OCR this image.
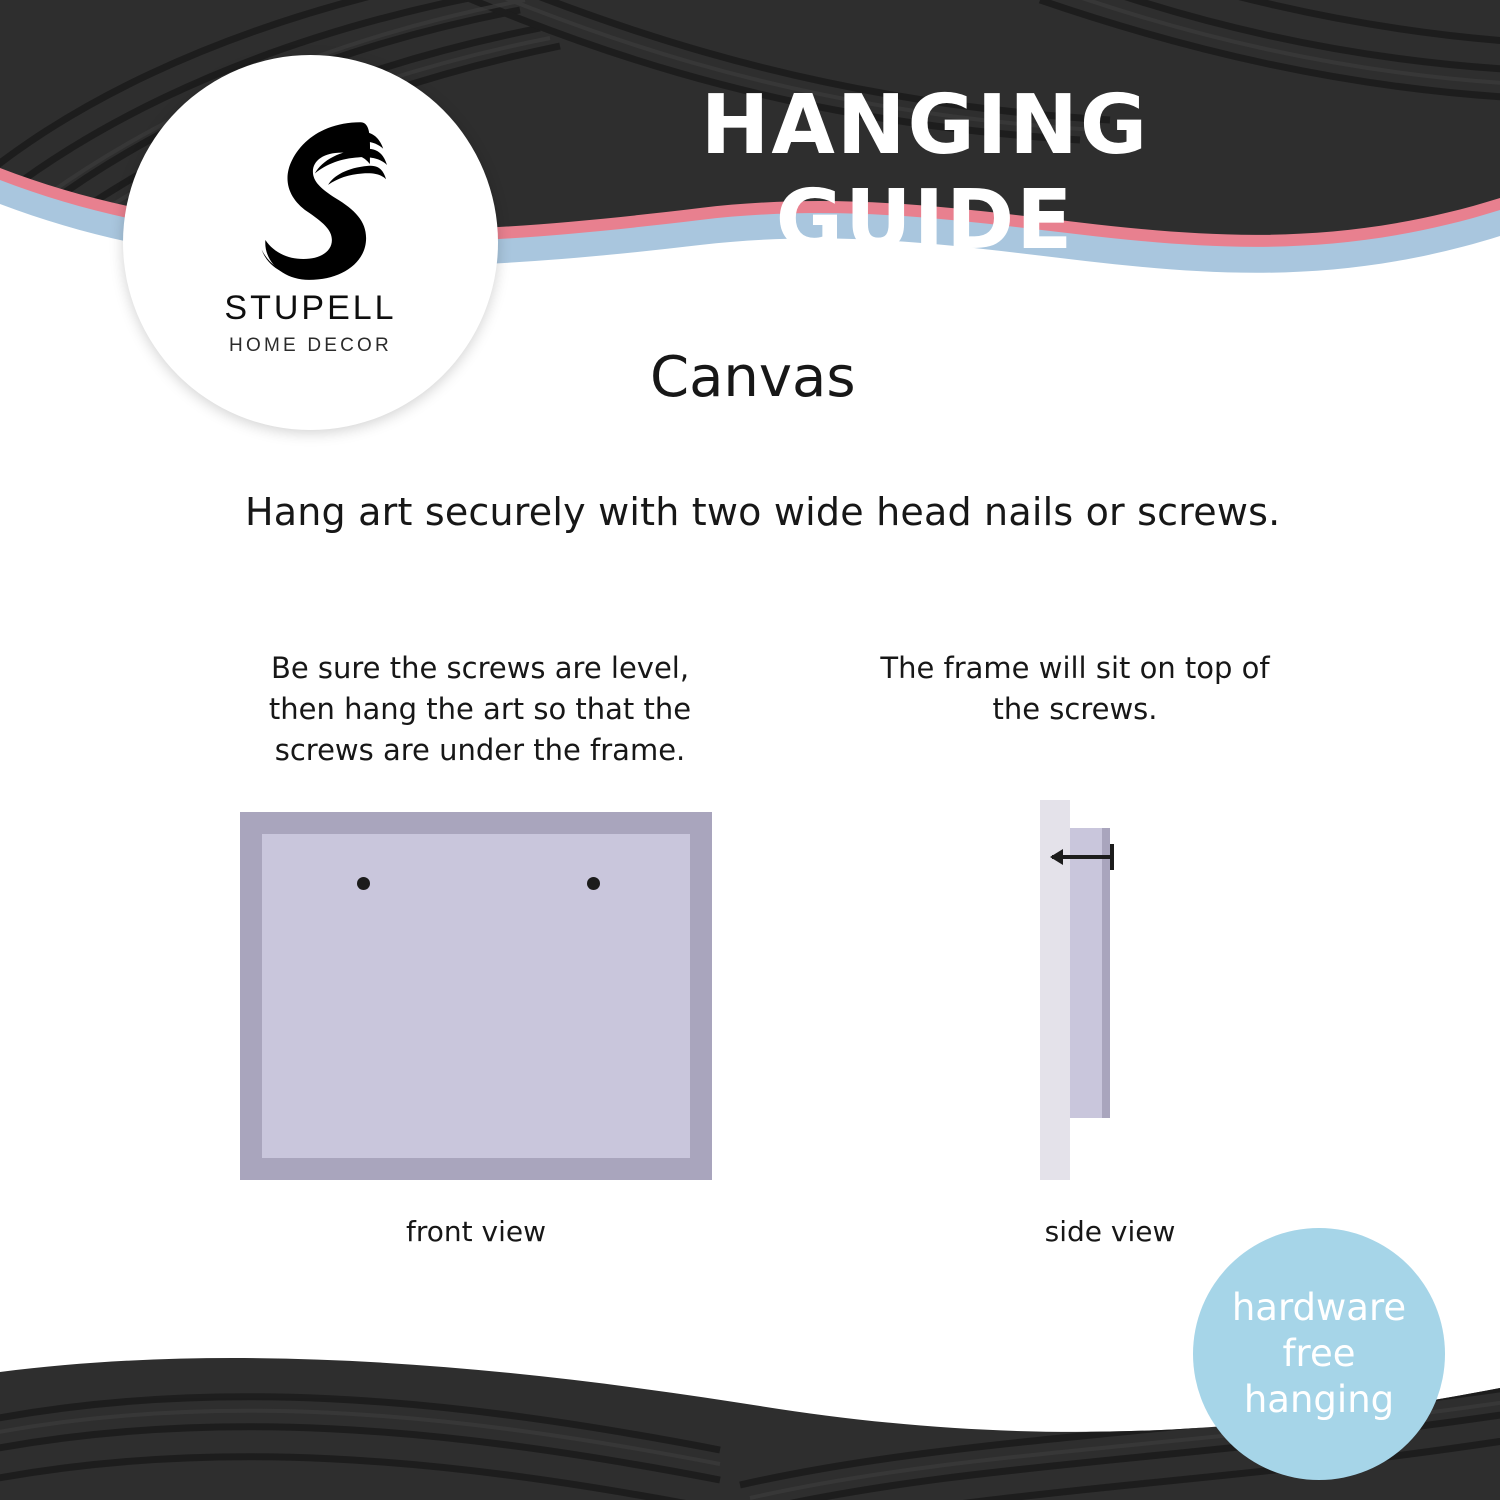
HANGING GUIDE
STUPELL
HOME DECOR	Canvas
Hang art securely with two wide head nails or screws.
Be sure the screws are level, then hang the art so that the screws are under the frame.
The frame will sit on top of the screws.
front view	side view
hardware
free
hanging
